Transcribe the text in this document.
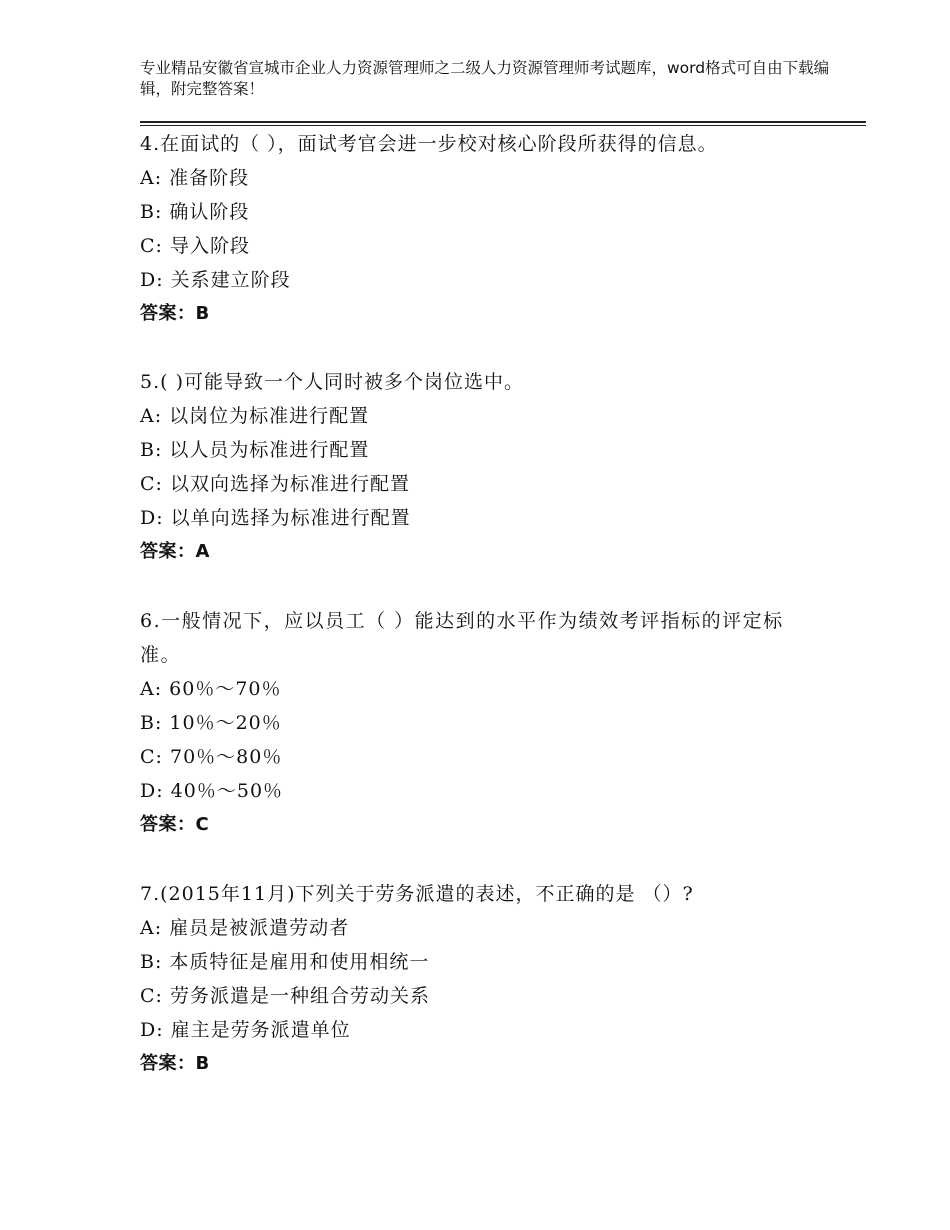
专业精品安徽省宣城市企业人力资源管理师之二级人力资源管理师考试题库，word格式可自由下载编辑，附完整答案！
4.在面试的（ ），面试考官会进一步校对核心阶段所获得的信息。
A: 准备阶段
B: 确认阶段
C: 导入阶段
D: 关系建立阶段
答案：B
5.( )可能导致一个人同时被多个岗位选中。
A: 以岗位为标准进行配置
B: 以人员为标准进行配置
C: 以双向选择为标准进行配置
D: 以单向选择为标准进行配置
答案：A
6.一般情况下，应以员工（ ）能达到的水平作为绩效考评指标的评定标准。
A: 60％～70％
B: 10％～20％
C: 70％～80％
D: 40％～50％
答案：C
7.(2015年11月)下列关于劳务派遣的表述，不正确的是 （）?
A: 雇员是被派遣劳动者
B: 本质特征是雇用和使用相统一
C: 劳务派遣是一种组合劳动关系
D: 雇主是劳务派遣单位
答案：B
